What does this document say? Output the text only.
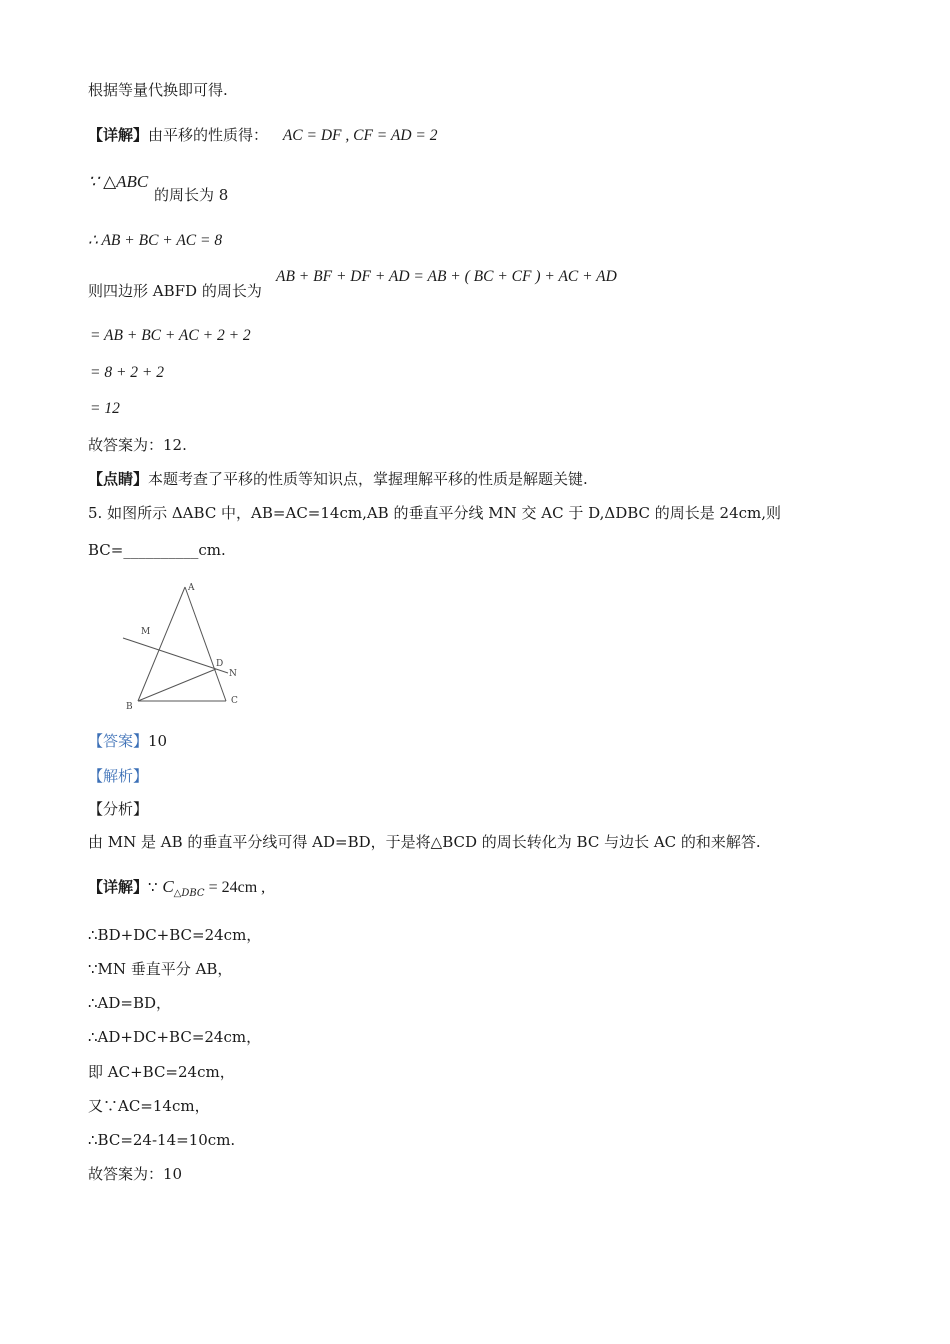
根据等量代换即可得.
【详解】由平移的性质得： AC = DF , CF = AD = 2
∵ △ABC
的周长为 8
∴ AB + BC + AC = 8
则四边形 ABFD 的周长为
AB + BF + DF + AD = AB + ( BC + CF ) + AC + AD
= AB + BC + AC + 2 + 2
= 8 + 2 + 2
= 12
故答案为：12.
【点睛】本题考查了平移的性质等知识点，掌握理解平移的性质是解题关键.
5. 如图所示 ΔABC 中，AB=AC=14cm,AB 的垂直平分线 MN 交 AC 于 D,ΔDBC 的周长是 24cm,则
BC=__________cm.
A
M
D
N
B
C
【答案】10
【解析】
【分析】
由 MN 是 AB 的垂直平分线可得 AD=BD，于是将△BCD 的周长转化为 BC 与边长 AC 的和来解答.
【详解】∵ $C_{\triangle DBC} = 24cm$ ,
∴BD+DC+BC=24cm，
∵MN 垂直平分 AB，
∴AD=BD，
∴AD+DC+BC=24cm，
即 AC+BC=24cm，
又∵AC=14cm，
∴BC=24-14=10cm.
故答案为：10
